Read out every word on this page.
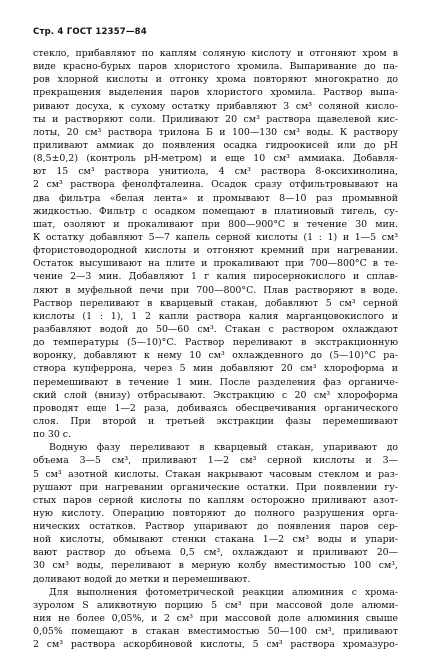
Стр. 4 ГОСТ 12357—84
стекло, прибавляют по каплям соляную кислоту и отгоняют хром в
виде красно-бурых паров хлористого хромила. Выпаривание до па-
ров хлорной кислоты и отгонку хрома повторяют многократно до
прекращения выделения паров хлористого хромила. Раствор выпа-
ривают досуха, к сухому остатку прибавляют 3 см³ соляной кисло-
ты и растворяют соли. Приливают 20 см³ раствора щавелевой кис-
лоты, 20 см³ раствора трилона Б и 100—130 см³ воды. К раствору
приливают аммиак до появления осадка гидроокисей или до pH
(8,5±0,2) (контроль pH-метром) и еще 10 см³ аммиака. Добавля-
ют 15 см³ раствора унитиола, 4 см³ раствора 8-оксихинолина,
2 см³ раствора фенолфталеина. Осадок сразу отфильтровывают на
два фильтра «белая лента» и промывают 8—10 раз промывной
жидкостью. Фильтр с осадком помещают в платиновый тигель, су-
шат, озоляют и прокаливают при 800—900°С в течение 30 мин.
К остатку добавляют 5—7 капель серной кислоты (1 : 1) и 1—5 см³
фтористоводородной кислоты и отгоняют кремний при нагревании.
Остаток высушивают на плите и прокаливают при 700—800°С в те-
чение 2—3 мин. Добавляют 1 г калия пиросернокислого и сплав-
ляют в муфельной печи при 700—800°С. Плав растворяют в воде.
Раствор переливают в кварцевый стакан, добавляют 5 см³ серной
кислоты (1 : 1), 1 2 капли раствора калия марганцовокислого и
разбавляют водой до 50—60 см³. Стакан с раствором охлаждают
до температуры (5—10)°С. Раствор переливают в экстракционную
воронку, добавляют к нему 10 см³ охлажденного до (5—10)°С ра-
створа купферрона, через 5 мин добавляют 20 см³ хлороформа и
перемешивают в течение 1 мин. После разделения фаз органиче-
ский слой (внизу) отбрасывают. Экстракцию с 20 см³ хлороформа
проводят еще 1—2 раза, добиваясь обесцвечивания органического
слоя. При второй и третьей экстракции фазы перемешивают
по 30 с.
Водную фазу переливают в кварцевый стакан, упаривают до
объема 3—5 см³, приливают 1—2 см³ серной кислоты и 3—
5 см³ азотной кислоты. Стакан накрывают часовым стеклом и раз-
рушают при нагревании органические остатки. При появлении гу-
стых паров серной кислоты по каплям осторожно приливают азот-
ную кислоту. Операцию повторяют до полного разрушения орга-
нических остатков. Раствор упаривают до появления паров сер-
ной кислоты, обмывают стенки стакана 1—2 см³ воды и упари-
вают раствор до объема 0,5 см³, охлаждают и приливают 20—
30 см³ воды, переливают в мерную колбу вместимостью 100 см³,
доливают водой до метки и перемешивают.
Для выполнения фотометрической реакции алюминия с хрома-
зуролом S аликвотную порцию 5 см³ при массовой доле алюми-
ния не более 0,05%, и 2 см³ при массовой доле алюминия свыше
0,05% помещают в стакан вместимостью 50—100 см³, приливают
2 см³ раствора аскорбиновой кислоты, 5 см³ раствора хромазуро-
